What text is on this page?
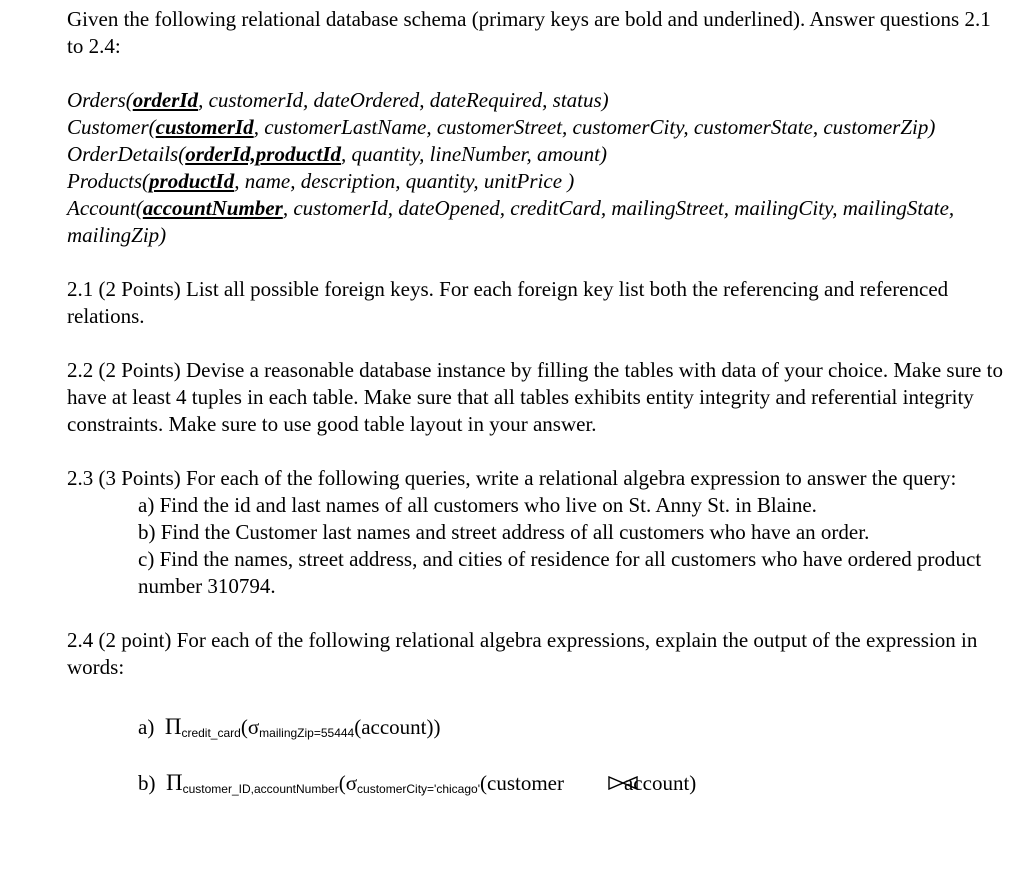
Given the following relational database schema (primary keys are bold and underlined). Answer questions 2.1 to 2.4:

Orders(orderId, customerId, dateOrdered, dateRequired, status)

Customer(customerId, customerLastName, customerStreet, customerCity, customerState, customerZip)

OrderDetails(orderId,productId, quantity, lineNumber, amount)

Products(productId, name, description, quantity, unitPrice )

Account(accountNumber, customerId, dateOpened, creditCard, mailingStreet, mailingCity, mailingState, mailingZip)

2.1 (2 Points) List all possible foreign keys. For each foreign key list both the referencing and referenced relations.

2.2 (2 Points) Devise a reasonable database instance by filling the tables with data of your choice. Make sure to have at least 4 tuples in each table. Make sure that all tables exhibits entity integrity and referential integrity constraints. Make sure to use good table layout in your answer.

2.3 (3 Points) For each of the following queries, write a relational algebra expression to answer the query:

a) Find the id and last names of all customers who live on St. Anny St. in Blaine.

b) Find the Customer last names and street address of all customers who have an order.

c) Find the names, street address, and cities of residence for all customers who have ordered product number 310794.

2.4 (2 point) For each of the following relational algebra expressions, explain the output of the expression in words:

a) Πcredit_card(σmailingZip=55444(account))
b) Πcustomer_ID,accountNumber(σcustomerCity='chicago'(customer	account)
